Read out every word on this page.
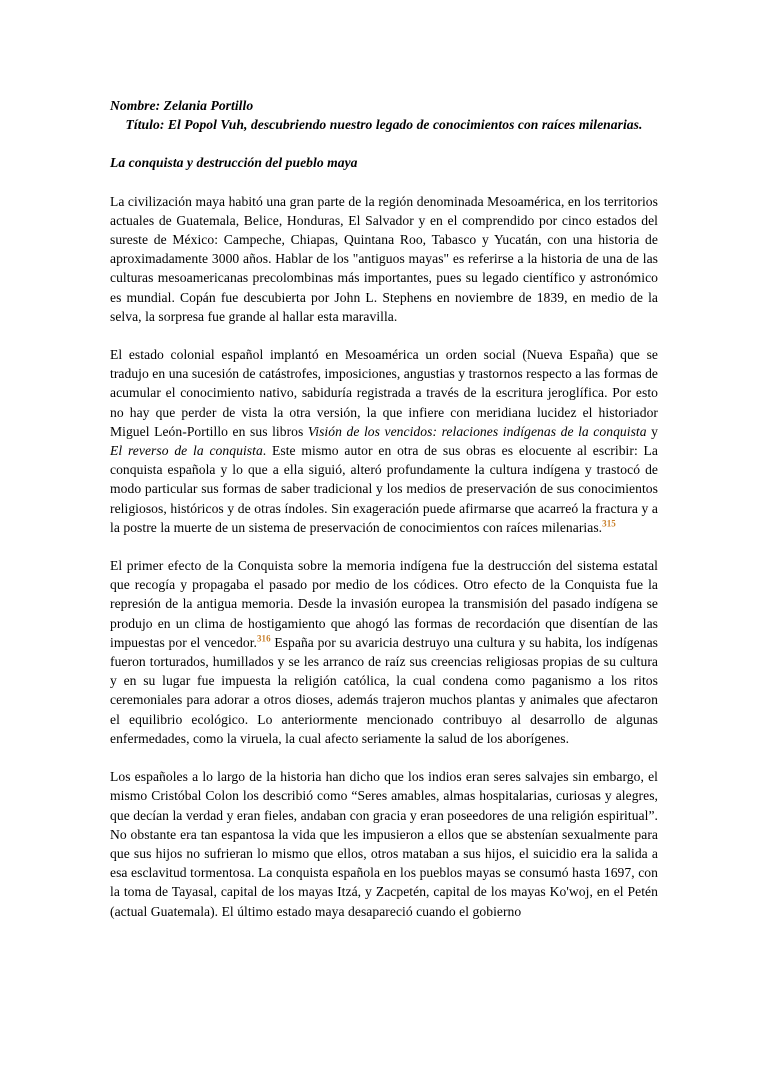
Nombre: Zelania Portillo
Título: El Popol Vuh, descubriendo nuestro legado de conocimientos con raíces milenarias.
La conquista y destrucción del pueblo maya

La civilización maya habitó una gran parte de la región denominada Mesoamérica, en los territorios actuales de Guatemala, Belice, Honduras, El Salvador y en el comprendido por cinco estados del sureste de México: Campeche, Chiapas, Quintana Roo, Tabasco y Yucatán, con una historia de aproximadamente 3000 años. Hablar de los "antiguos mayas" es referirse a la historia de una de las culturas mesoamericanas precolombinas más importantes, pues su legado científico y astronómico es mundial. Copán fue descubierta por John L. Stephens en noviembre de 1839, en medio de la selva, la sorpresa fue grande al hallar esta maravilla.

El estado colonial español implantó en Mesoamérica un orden social (Nueva España) que se tradujo en una sucesión de catástrofes, imposiciones, angustias y trastornos respecto a las formas de acumular el conocimiento nativo, sabiduría registrada a través de la escritura jeroglífica. Por esto no hay que perder de vista la otra versión, la que infiere con meridiana lucidez el historiador Miguel León-Portillo en sus libros Visión de los vencidos: relaciones indígenas de la conquista y El reverso de la conquista. Este mismo autor en otra de sus obras es elocuente al escribir: La conquista española y lo que a ella siguió, alteró profundamente la cultura indígena y trastocó de modo particular sus formas de saber tradicional y los medios de preservación de sus conocimientos religiosos, históricos y de otras índoles. Sin exageración puede afirmarse que acarreó la fractura y a la postre la muerte de un sistema de preservación de conocimientos con raíces milenarias.$^{315}$

El primer efecto de la Conquista sobre la memoria indígena fue la destrucción del sistema estatal que recogía y propagaba el pasado por medio de los códices. Otro efecto de la Conquista fue la represión de la antigua memoria. Desde la invasión europea la transmisión del pasado indígena se produjo en un clima de hostigamiento que ahogó las formas de recordación que disentían de las impuestas por el vencedor.$^{316}$ España por su avaricia destruyo una cultura y su habita, los indígenas fueron torturados, humillados y se les arranco de raíz sus creencias religiosas propias de su cultura y en su lugar fue impuesta la religión católica, la cual condena como paganismo a los ritos ceremoniales para adorar a otros dioses, además trajeron muchos plantas y animales que afectaron el equilibrio ecológico. Lo anteriormente mencionado contribuyo al desarrollo de algunas enfermedades, como la viruela, la cual afecto seriamente la salud de los aborígenes.

Los españoles a lo largo de la historia han dicho que los indios eran seres salvajes sin embargo, el mismo Cristóbal Colon los describió como “Seres amables, almas hospitalarias, curiosas y alegres, que decían la verdad y eran fieles, andaban con gracia y eran poseedores de una religión espiritual”. No obstante era tan espantosa la vida que les impusieron a ellos que se abstenían sexualmente para que sus hijos no sufrieran lo mismo que ellos, otros mataban a sus hijos, el suicidio era la salida a esa esclavitud tormentosa. La conquista española en los pueblos mayas se consumó hasta 1697, con la toma de Tayasal, capital de los mayas Itzá, y Zacpetén, capital de los mayas Ko'woj, en el Petén (actual Guatemala). El último estado maya desapareció cuando el gobierno
